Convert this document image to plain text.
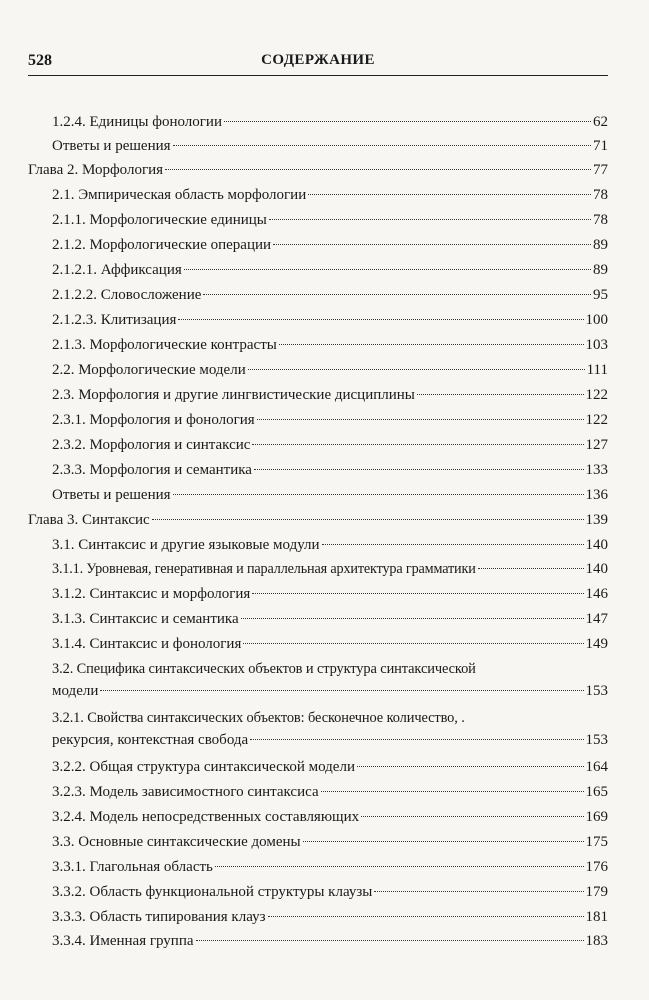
528	СОДЕРЖАНИЕ
1.2.4. Единицы фонологии	62
Ответы и решения	71
Глава 2. Морфология	77
2.1. Эмпирическая область морфологии	78
2.1.1. Морфологические единицы	78
2.1.2. Морфологические операции	89
2.1.2.1. Аффиксация	89
2.1.2.2. Словосложение	95
2.1.2.3. Клитизация	100
2.1.3. Морфологические контрасты	103
2.2. Морфологические модели	111
2.3. Морфология и другие лингвистические дисциплины	122
2.3.1. Морфология и фонология	122
2.3.2. Морфология и синтаксис	127
2.3.3. Морфология и семантика	133
Ответы и решения	136
Глава 3. Синтаксис	139
3.1. Синтаксис и другие языковые модули	140
3.1.1. Уровневая, генеративная и параллельная архитектура грамматики	140
3.1.2. Синтаксис и морфология	146
3.1.3. Синтаксис и семантика	147
3.1.4. Синтаксис и фонология	149
3.2. Специфика синтаксических объектов и структура синтаксической
модели	153
3.2.1. Свойства синтаксических объектов: бесконечное количество, .
рекурсия, контекстная свобода	153
3.2.2. Общая структура синтаксической модели	164
3.2.3. Модель зависимостного синтаксиса	165
3.2.4. Модель непосредственных составляющих	169
3.3. Основные синтаксические домены	175
3.3.1. Глагольная область	176
3.3.2. Область функциональной структуры клаузы	179
3.3.3. Область типирования клауз	181
3.3.4. Именная группа	183
